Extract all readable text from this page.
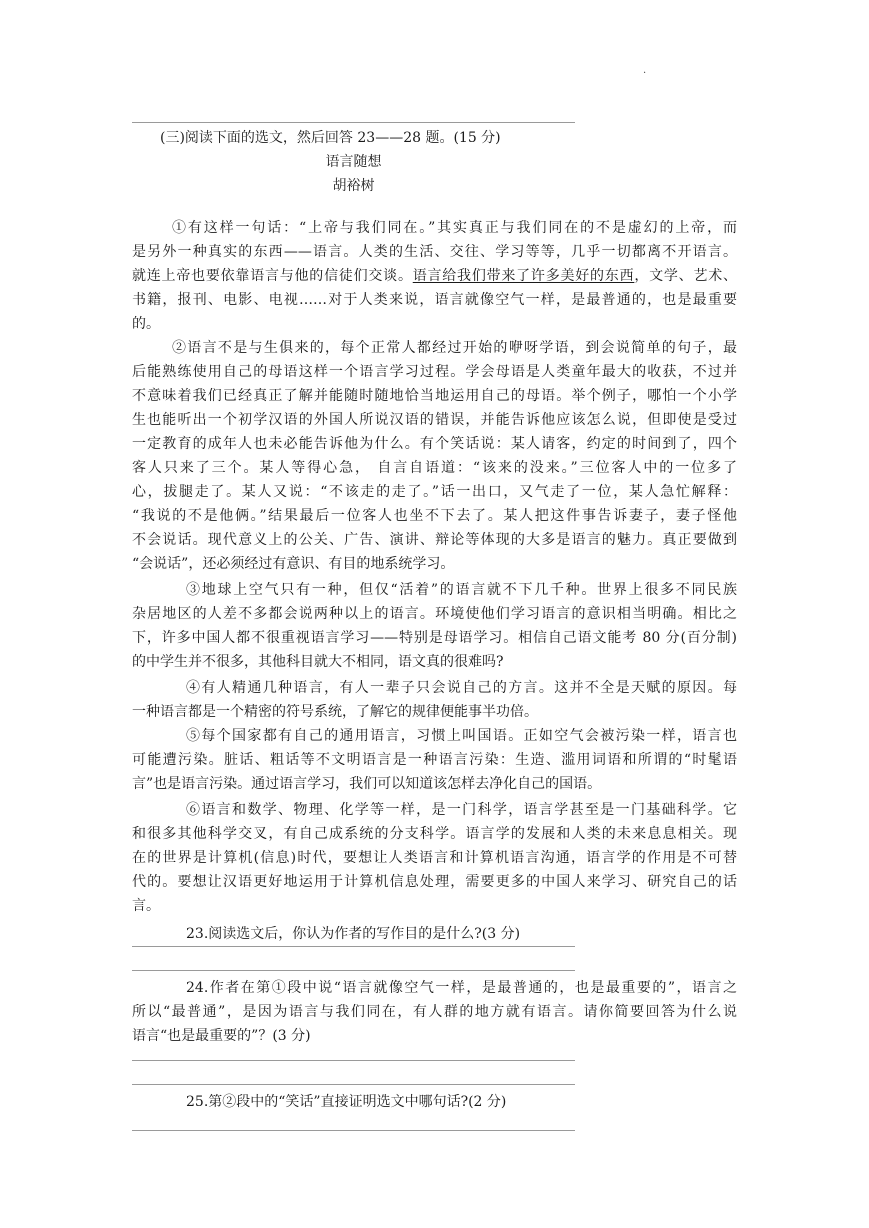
.
(三)阅读下面的选文，然后回答 23——28 题。(15 分)
语言随想
胡裕树
①有这样一句话：“上帝与我们同在。”其实真正与我们同在的不是虚幻的上帝，而
是另外一种真实的东西——语言。人类的生活、交往、学习等等，几乎一切都离不开语言。
就连上帝也要依靠语言与他的信徒们交谈。语言给我们带来了许多美好的东西，文学、艺术、
书籍，报刊、电影、电视……对于人类来说，语言就像空气一样，是最普通的，也是最重要
的。
②语言不是与生俱来的，每个正常人都经过开始的咿呀学语，到会说简单的句子，最
后能熟练使用自己的母语这样一个语言学习过程。学会母语是人类童年最大的收获，不过并
不意味着我们已经真正了解并能随时随地恰当地运用自己的母语。举个例子，哪怕一个小学
生也能听出一个初学汉语的外国人所说汉语的错误，并能告诉他应该怎么说，但即使是受过
一定教育的成年人也未必能告诉他为什么。有个笑话说：某人请客，约定的时间到了，四个
客人只来了三个。某人等得心急， 自言自语道：“该来的没来。”三位客人中的一位多了
心，拔腿走了。某人又说：“不该走的走了。”话一出口，又气走了一位，某人急忙解释：
“我说的不是他俩。”结果最后一位客人也坐不下去了。某人把这件事告诉妻子，妻子怪他
不会说话。现代意义上的公关、广告、演讲、辩论等体现的大多是语言的魅力。真正要做到
“会说话”，还必须经过有意识、有目的地系统学习。
③地球上空气只有一种，但仅“活着”的语言就不下几千种。世界上很多不同民族
杂居地区的人差不多都会说两种以上的语言。环境使他们学习语言的意识相当明确。相比之
下，许多中国人都不很重视语言学习——特别是母语学习。相信自己语文能考 80 分(百分制)
的中学生并不很多，其他科目就大不相同，语文真的很难吗?
④有人精通几种语言，有人一辈子只会说自己的方言。这并不全是天赋的原因。每
一种语言都是一个精密的符号系统，了解它的规律便能事半功倍。
⑤每个国家都有自己的通用语言，习惯上叫国语。正如空气会被污染一样，语言也
可能遭污染。脏话、粗话等不文明语言是一种语言污染：生造、滥用词语和所谓的“时髦语
言”也是语言污染。通过语言学习，我们可以知道该怎样去净化自己的国语。
⑥语言和数学、物理、化学等一样，是一门科学，语言学甚至是一门基础科学。它
和很多其他科学交叉，有自己成系统的分支科学。语言学的发展和人类的未来息息相关。现
在的世界是计算机(信息)时代，要想让人类语言和计算机语言沟通，语言学的作用是不可替
代的。要想让汉语更好地运用于计算机信息处理，需要更多的中国人来学习、研究自己的话
言。
23.阅读选文后，你认为作者的写作目的是什么?(3 分)
24.作者在第①段中说“语言就像空气一样，是最普通的，也是最重要的”，语言之
所以“最普通”，是因为语言与我们同在，有人群的地方就有语言。请你简要回答为什么说
语言“也是最重要的”？(3 分)
25.第②段中的“笑话”直接证明选文中哪句话?(2 分)
